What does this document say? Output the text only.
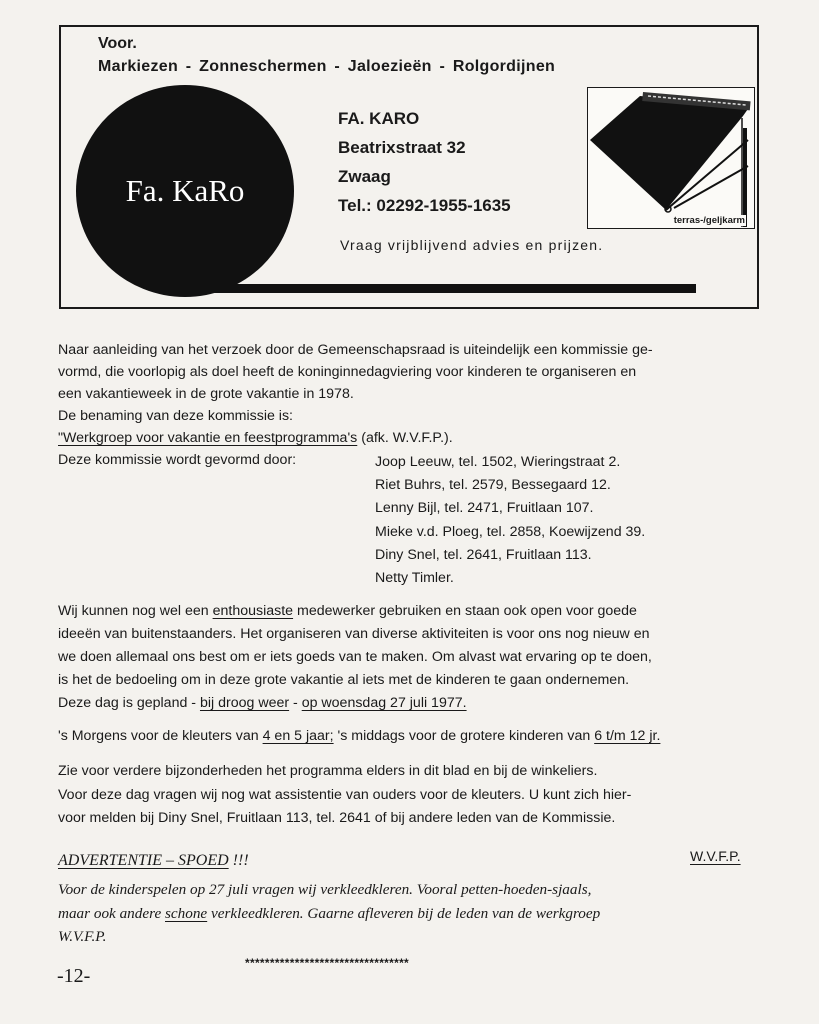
Voor.
Markiezen - Zonneschermen - Jaloezieën - Rolgordijnen
Fa. KaRo
FA. KARO
Beatrixstraat 32
Zwaag
Tel.: 02292-1955-1635
Vraag vrijblijvend advies en prijzen.
terras-/geljkarm
Naar aanleiding van het verzoek door de Gemeenschapsraad is uiteindelijk een kommissie ge-
vormd, die voorlopig als doel heeft de koninginnedagviering voor kinderen te organiseren en
een vakantieweek in de grote vakantie in 1978.
De benaming van deze kommissie is:
"Werkgroep voor vakantie en feestprogramma's (afk. W.V.F.P.).
Deze kommissie wordt gevormd door:	Joop Leeuw, tel. 1502, Wieringstraat 2.
Riet Buhrs, tel. 2579, Bessegaard 12.
Lenny Bijl, tel. 2471, Fruitlaan 107.
Mieke v.d. Ploeg, tel. 2858, Koewijzend 39.
Diny Snel, tel. 2641, Fruitlaan 113.
Netty Timler.
Wij kunnen nog wel een enthousiaste medewerker gebruiken en staan ook open voor goede
ideeën van buitenstaanders. Het organiseren van diverse aktiviteiten is voor ons nog nieuw en
we doen allemaal ons best om er iets goeds van te maken. Om alvast wat ervaring op te doen,
is het de bedoeling om in deze grote vakantie al iets met de kinderen te gaan ondernemen.
Deze dag is gepland - bij droog weer - op woensdag 27 juli 1977.
's Morgens voor de kleuters van 4 en 5 jaar; 's middags voor de grotere kinderen van 6 t/m 12 jr.
Zie voor verdere bijzonderheden het programma elders in dit blad en bij de winkeliers.
Voor deze dag vragen wij nog wat assistentie van ouders voor de kleuters. U kunt zich hier-
voor melden bij Diny Snel, Fruitlaan 113, tel. 2641 of bij andere leden van de Kommissie.
ADVERTENTIE – SPOED !!!	W.V.F.P.
Voor de kinderspelen op 27 juli vragen wij verkleedkleren. Vooral petten-hoeden-sjaals,
maar ook andere schone verkleedkleren. Gaarne afleveren bij de leden van de werkgroep
W.V.F.P.
-12-
*********************************
